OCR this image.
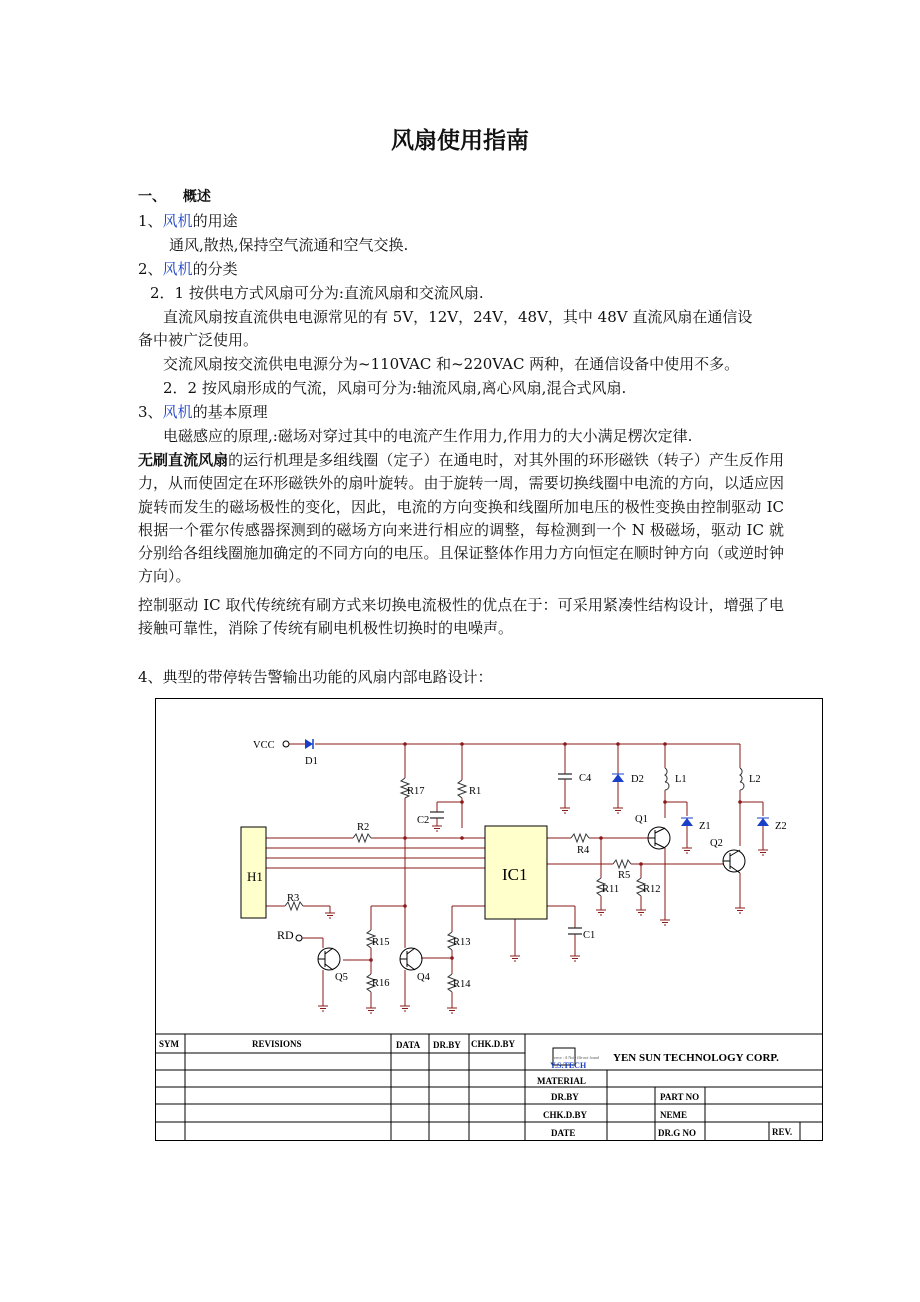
风扇使用指南
一、 概述
1、风机的用途
通风,散热,保持空气流通和空气交换.
2、风机的分类
2．1 按供电方式风扇可分为:直流风扇和交流风扇.
直流风扇按直流供电电源常见的有 5V，12V，24V，48V，其中 48V 直流风扇在通信设
备中被广泛使用。
交流风扇按交流供电电源分为~110VAC 和~220VAC 两种，在通信设备中使用不多。
2．2 按风扇形成的气流，风扇可分为:轴流风扇,离心风扇,混合式风扇.
3、风机的基本原理
电磁感应的原理,:磁场对穿过其中的电流产生作用力,作用力的大小满足楞次定律.
无刷直流风扇的运行机理是多组线圈（定子）在通电时，对其外围的环形磁铁（转子）产生反作用力，从而使固定在环形磁铁外的扇叶旋转。由于旋转一周，需要切换线圈中电流的方向，以适应因旋转而发生的磁场极性的变化，因此，电流的方向变换和线圈所加电压的极性变换由控制驱动 IC 根据一个霍尔传感器探测到的磁场方向来进行相应的调整，每检测到一个 N 极磁场，驱动 IC 就分别给各组线圈施加确定的不同方向的电压。且保证整体作用力方向恒定在顺时钟方向（或逆时钟方向）。
控制驱动 IC 取代传统统有刷方式来切换电流极性的优点在于：可采用紧凑性结构设计，增强了电接触可靠性，消除了传统有刷电机极性切换时的电噪声。
4、典型的带停转告警输出功能的风扇内部电路设计：
VCC
D1
R17	R1
C2
C4	D2	L1	L2
Q1
Z1
Q2
Z2
R2
R4
R5
R11 R12
R3
R15	R13
C1
Q5	Q4
R16	R14
RD
H1	IC1
SYM	REVISIONS	DATA DR.BY CHK.D.BY
MATERIAL
DR.BY	PART NO
CHK.D.BY	NEME
DATE	DR.G NO	REV.
error : A Note file not found
Y.S.TECH
YEN SUN TECHNOLOGY CORP.
